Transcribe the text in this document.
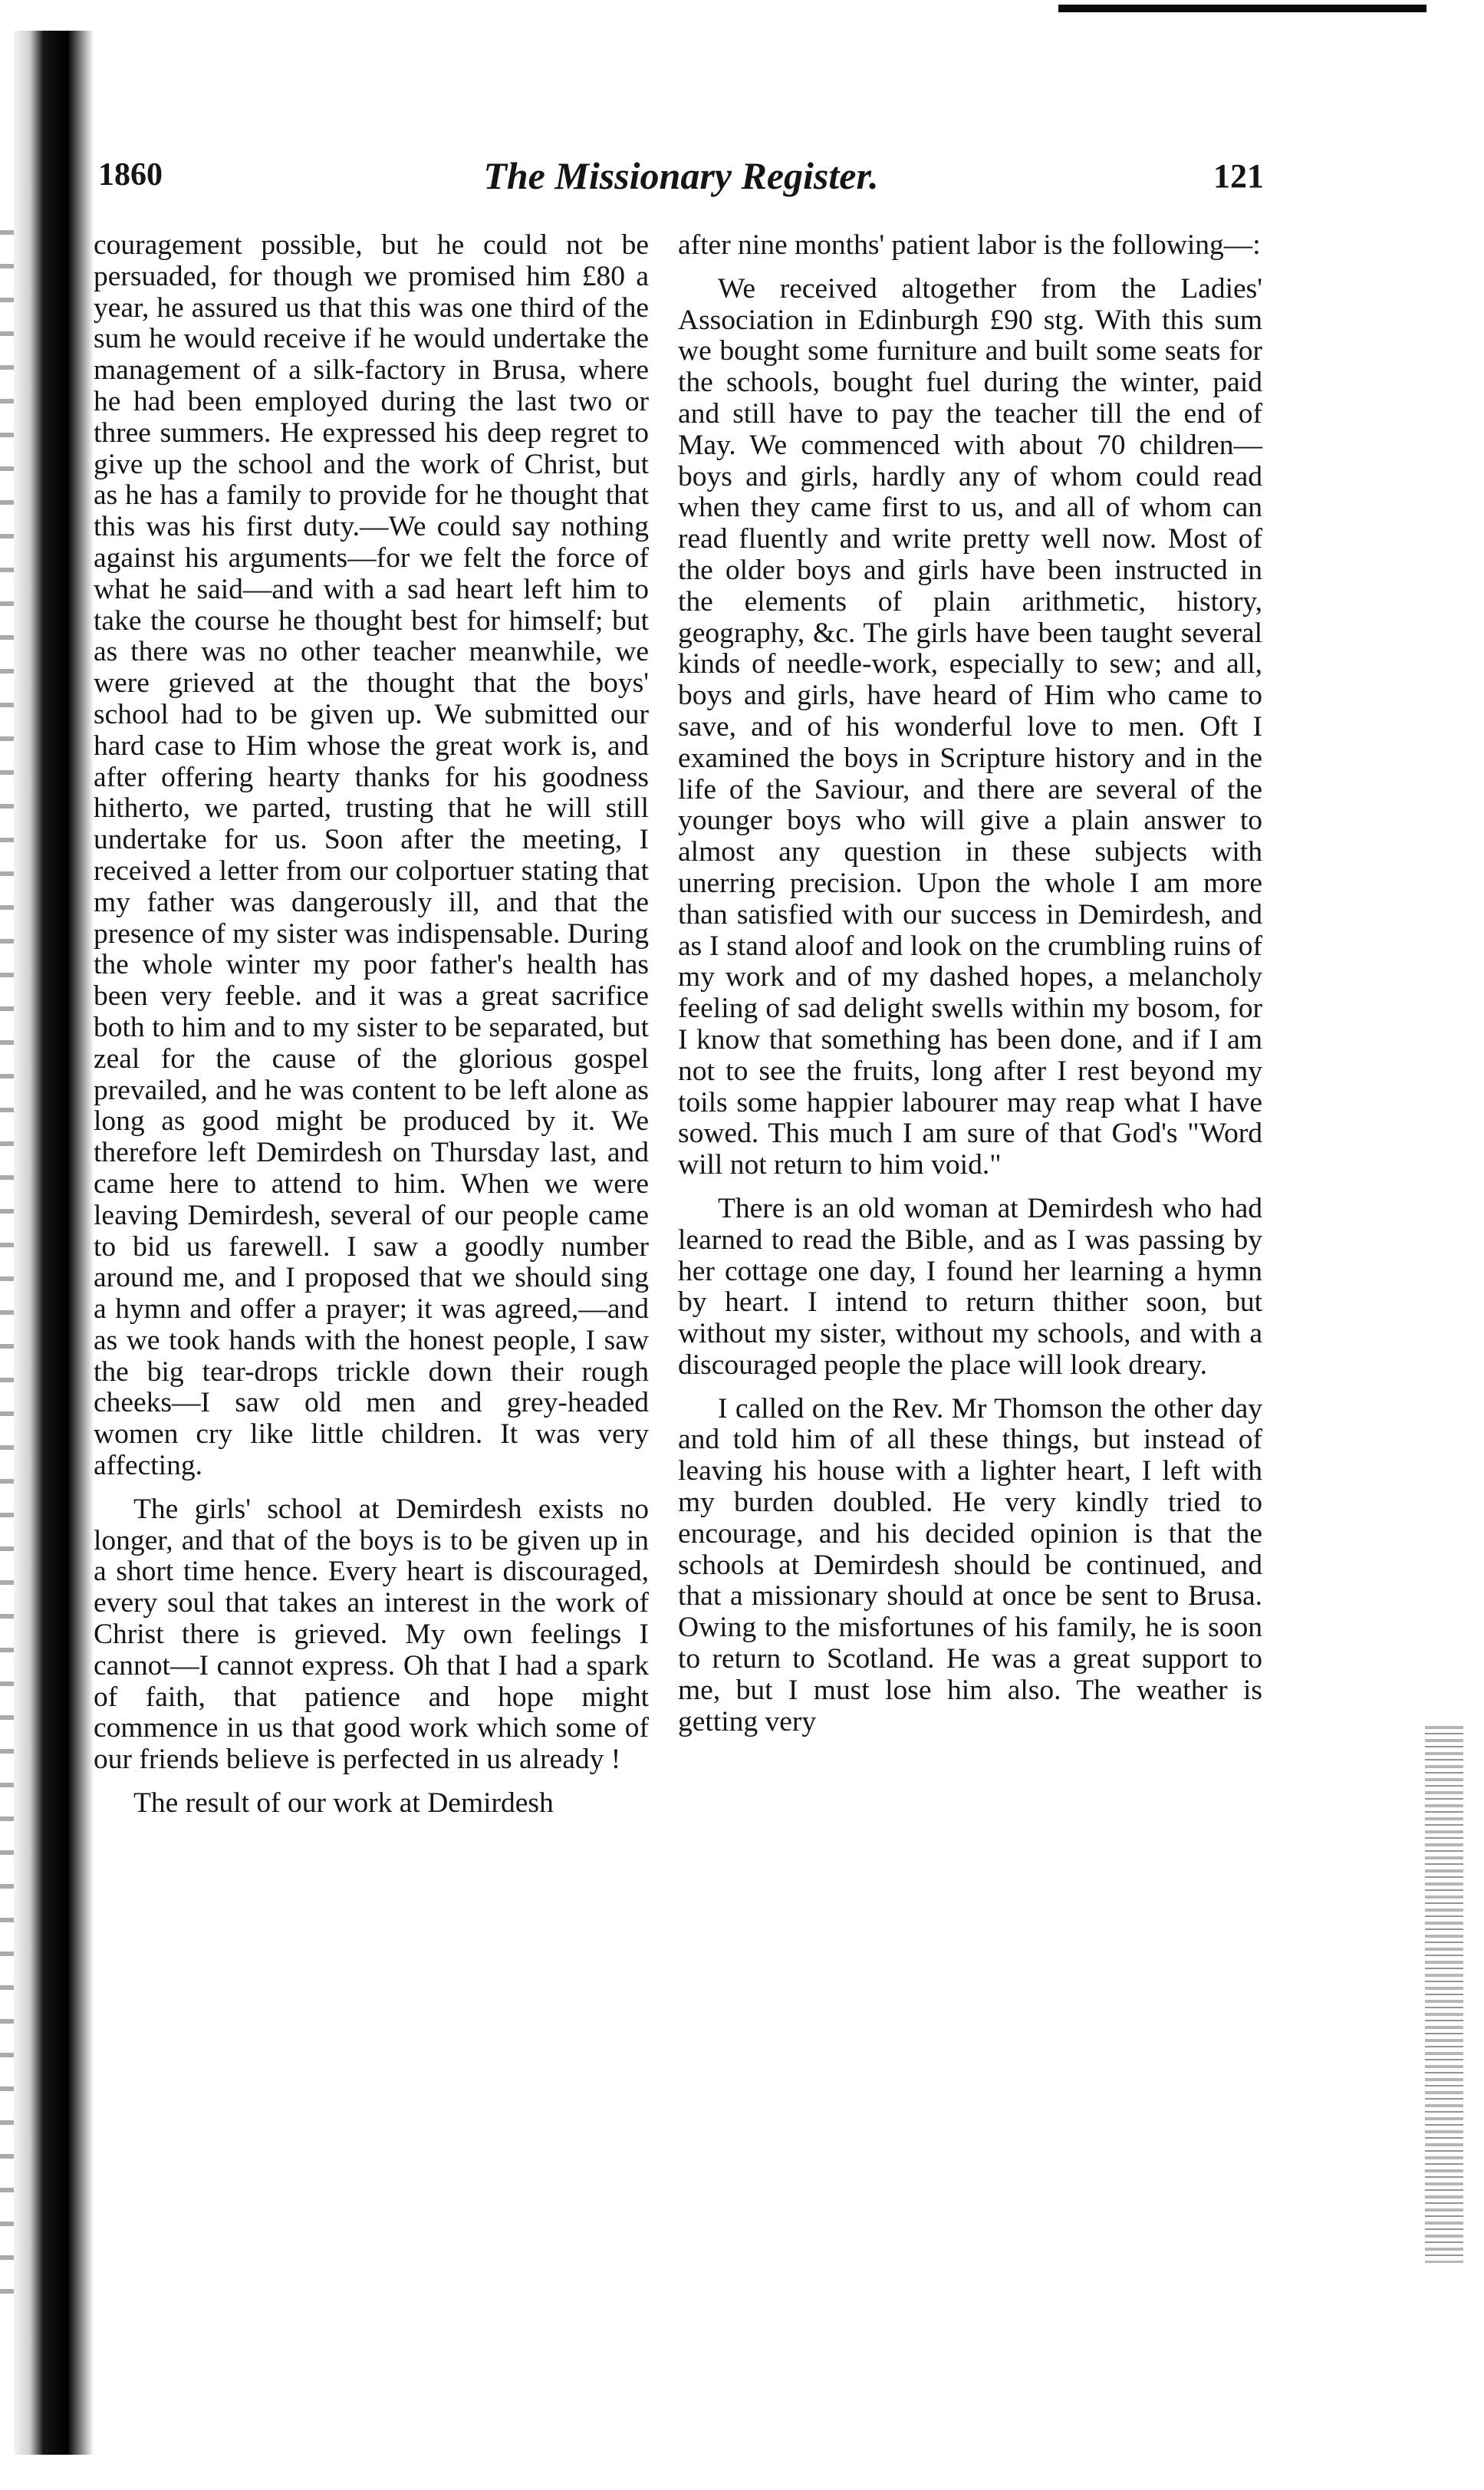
1860	The Missionary Register.	121

couragement possible, but he could not be persuaded, for though we promised him £80 a year, he assured us that this was one third of the sum he would receive if he would undertake the management of a silk-factory in Brusa, where he had been employed during the last two or three summers. He expressed his deep regret to give up the school and the work of Christ, but as he has a family to provide for he thought that this was his first duty.—We could say nothing against his arguments—for we felt the force of what he said—and with a sad heart left him to take the course he thought best for himself; but as there was no other teacher meanwhile, we were grieved at the thought that the boys' school had to be given up. We submitted our hard case to Him whose the great work is, and after offering hearty thanks for his goodness hitherto, we parted, trusting that he will still undertake for us. Soon after the meeting, I received a letter from our colportuer stating that my father was dangerously ill, and that the presence of my sister was indispensable. During the whole winter my poor father's health has been very feeble. and it was a great sacrifice both to him and to my sister to be separated, but zeal for the cause of the glorious gospel prevailed, and he was content to be left alone as long as good might be produced by it. We therefore left Demirdesh on Thursday last, and came here to attend to him. When we were leaving Demirdesh, several of our people came to bid us farewell. I saw a goodly number around me, and I proposed that we should sing a hymn and offer a prayer; it was agreed,—and as we took hands with the honest people, I saw the big tear-drops trickle down their rough cheeks—I saw old men and grey-headed women cry like little children. It was very affecting.

The girls' school at Demirdesh exists no longer, and that of the boys is to be given up in a short time hence. Every heart is discouraged, every soul that takes an interest in the work of Christ there is grieved. My own feelings I cannot—I cannot express. Oh that I had a spark of faith, that patience and hope might commence in us that good work which some of our friends believe is perfected in us already !

The result of our work at Demirdesh

after nine months' patient labor is the following—:

We received altogether from the Ladies' Association in Edinburgh £90 stg. With this sum we bought some furniture and built some seats for the schools, bought fuel during the winter, paid and still have to pay the teacher till the end of May. We commenced with about 70 children—boys and girls, hardly any of whom could read when they came first to us, and all of whom can read fluently and write pretty well now. Most of the older boys and girls have been instructed in the elements of plain arithmetic, history, geography, &c. The girls have been taught several kinds of needle-work, especially to sew; and all, boys and girls, have heard of Him who came to save, and of his wonderful love to men. Oft I examined the boys in Scripture history and in the life of the Saviour, and there are several of the younger boys who will give a plain answer to almost any question in these subjects with unerring precision. Upon the whole I am more than satisfied with our success in Demirdesh, and as I stand aloof and look on the crumbling ruins of my work and of my dashed hopes, a melancholy feeling of sad delight swells within my bosom, for I know that something has been done, and if I am not to see the fruits, long after I rest beyond my toils some happier labourer may reap what I have sowed. This much I am sure of that God's "Word will not return to him void."

There is an old woman at Demirdesh who had learned to read the Bible, and as I was passing by her cottage one day, I found her learning a hymn by heart. I intend to return thither soon, but without my sister, without my schools, and with a discouraged people the place will look dreary.

I called on the Rev. Mr Thomson the other day and told him of all these things, but instead of leaving his house with a lighter heart, I left with my burden doubled. He very kindly tried to encourage, and his decided opinion is that the schools at Demirdesh should be continued, and that a missionary should at once be sent to Brusa. Owing to the misfortunes of his family, he is soon to return to Scotland. He was a great support to me, but I must lose him also. The weather is getting very
